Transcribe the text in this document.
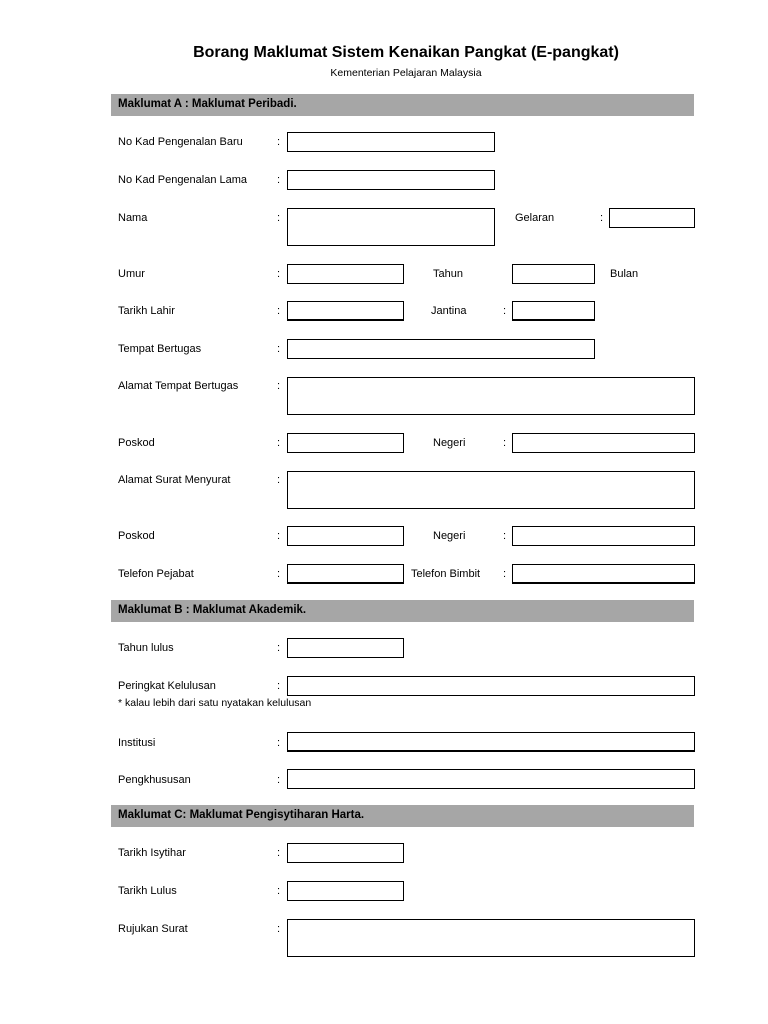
Borang Maklumat Sistem Kenaikan Pangkat (E-pangkat)
Kementerian Pelajaran Malaysia
Maklumat A : Maklumat Peribadi.
No Kad Pengenalan Baru	:
No Kad Pengenalan Lama	:
Nama	:	Gelaran	:
Umur	:	Tahun	Bulan
Tarikh Lahir	:	Jantina	:
Tempat Bertugas	:
Alamat Tempat Bertugas	:
Poskod	:	Negeri	:
Alamat Surat Menyurat	:
Poskod	:	Negeri	:
Telefon Pejabat	:	Telefon Bimbit :
Maklumat B : Maklumat Akademik.
Tahun lulus	:
Peringkat Kelulusan	:
* kalau lebih dari satu nyatakan kelulusan
Institusi	:
Pengkhususan	:
Maklumat C: Maklumat Pengisytiharan Harta.
Tarikh Isytihar	:
Tarikh Lulus	:
Rujukan Surat	:
